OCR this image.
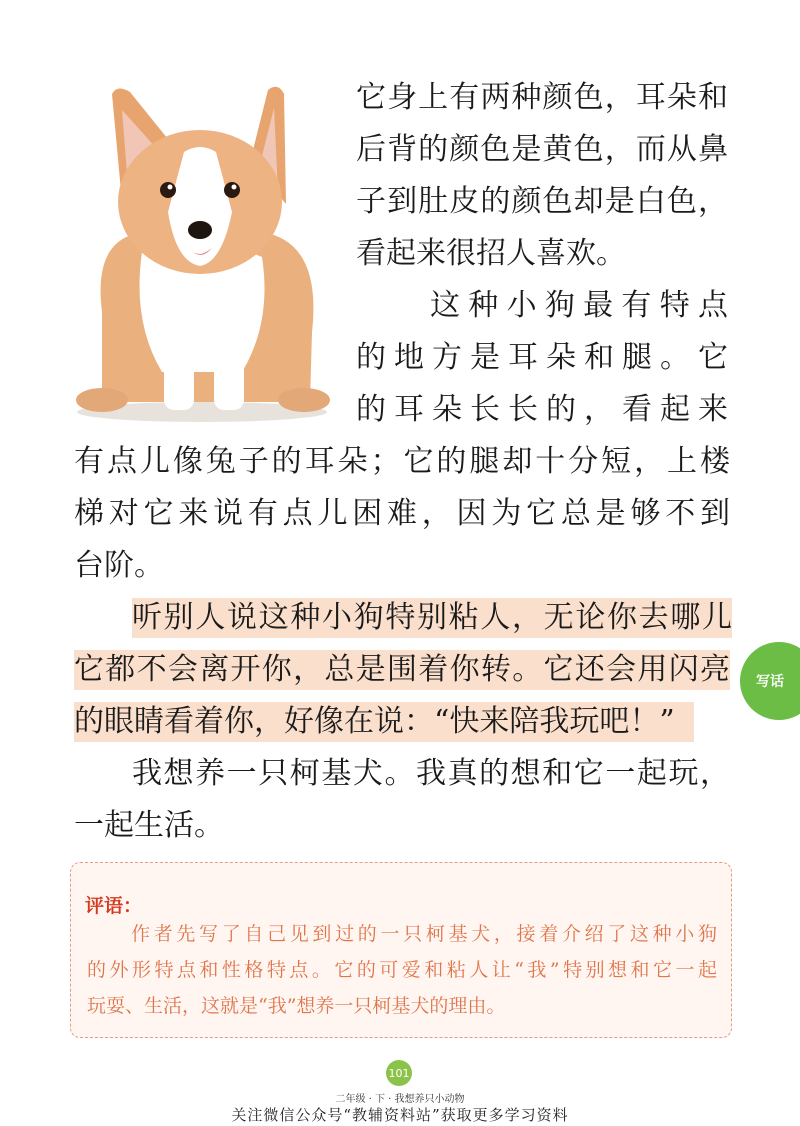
它身上有两种颜色，耳朵和
后背的颜色是黄色，而从鼻
子到肚皮的颜色却是白色，
看起来很招人喜欢。
这种小狗最有特点
的地方是耳朵和腿。它
的耳朵长长的，看起来
有点儿像兔子的耳朵；它的腿却十分短，上楼
梯对它来说有点儿困难，因为它总是够不到
台阶。
听别人说这种小狗特别粘人，无论你去哪儿
它都不会离开你，总是围着你转。它还会用闪亮
的眼睛看着你，好像在说：“快来陪我玩吧！”
我想养一只柯基犬。我真的想和它一起玩，
一起生活。
写话
评语：
作者先写了自己见到过的一只柯基犬，接着介绍了这种小狗
的外形特点和性格特点。它的可爱和粘人让“我”特别想和它一起
玩耍、生活，这就是“我”想养一只柯基犬的理由。
101
二年级 · 下 · 我想养只小动物
关注微信公众号“教辅资料站”获取更多学习资料
